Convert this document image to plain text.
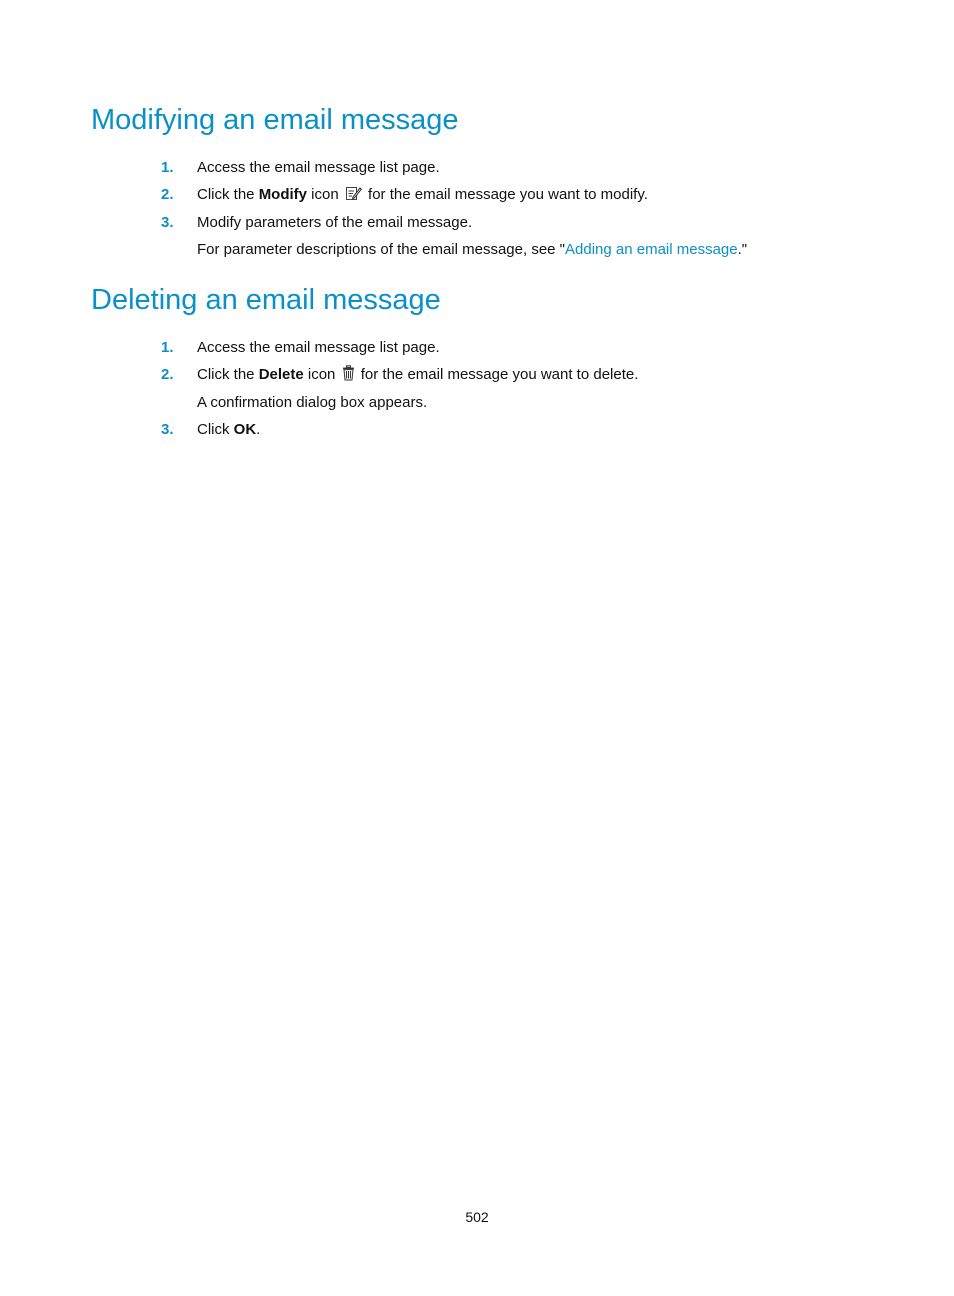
Modifying an email message
1. Access the email message list page.
2. Click the Modify icon  for the email message you want to modify.
3. Modify parameters of the email message.
For parameter descriptions of the email message, see "Adding an email message."
Deleting an email message
1. Access the email message list page.
2. Click the Delete icon  for the email message you want to delete.
A confirmation dialog box appears.
3. Click OK.
502
